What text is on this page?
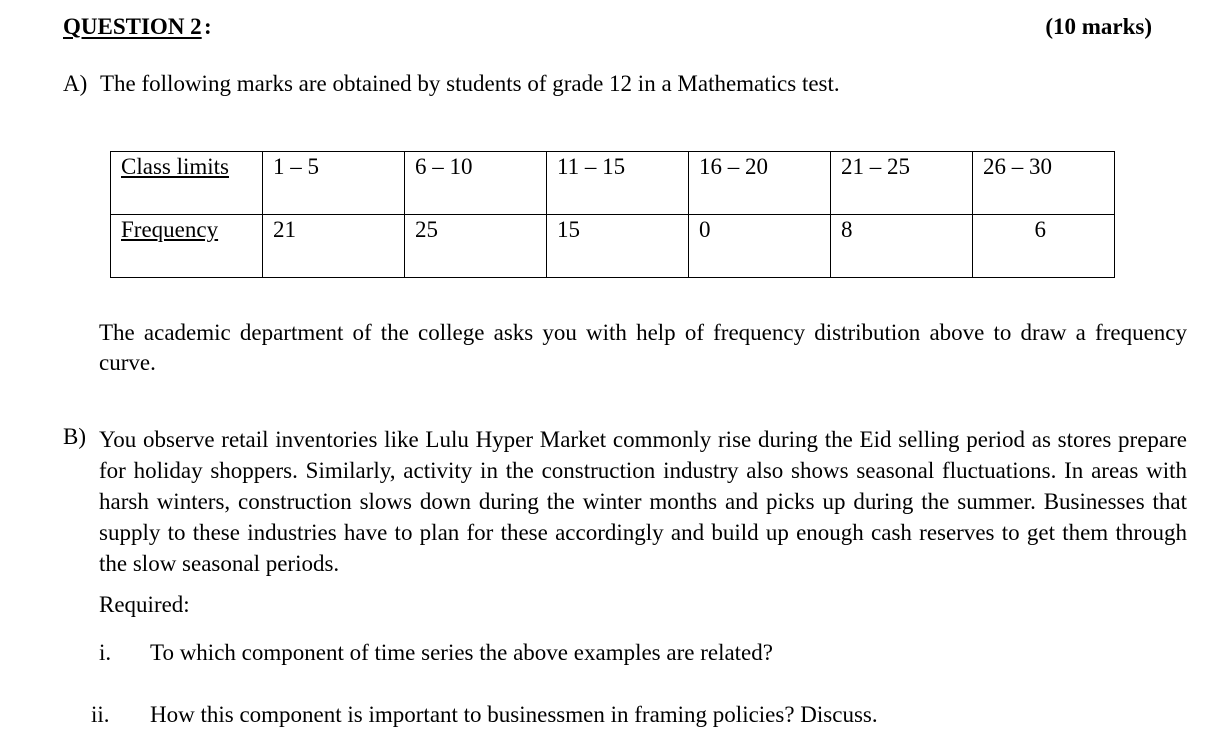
QUESTION 2 :	(10 marks)
A) The following marks are obtained by students of grade 12 in a Mathematics test.
Class limits	1 – 5	6 – 10	11 – 15	16 – 20	21 – 25	26 – 30
Frequency	21	25	15	0	8	6
The academic department of the college asks you with help of frequency distribution above to draw a frequency curve.
B) You observe retail inventories like Lulu Hyper Market commonly rise during the Eid selling period as stores prepare for holiday shoppers. Similarly, activity in the construction industry also shows seasonal fluctuations. In areas with harsh winters, construction slows down during the winter months and picks up during the summer. Businesses that supply to these industries have to plan for these accordingly and build up enough cash reserves to get them through the slow seasonal periods.
Required:
i. To which component of time series the above examples are related?
ii. How this component is important to businessmen in framing policies? Discuss.
